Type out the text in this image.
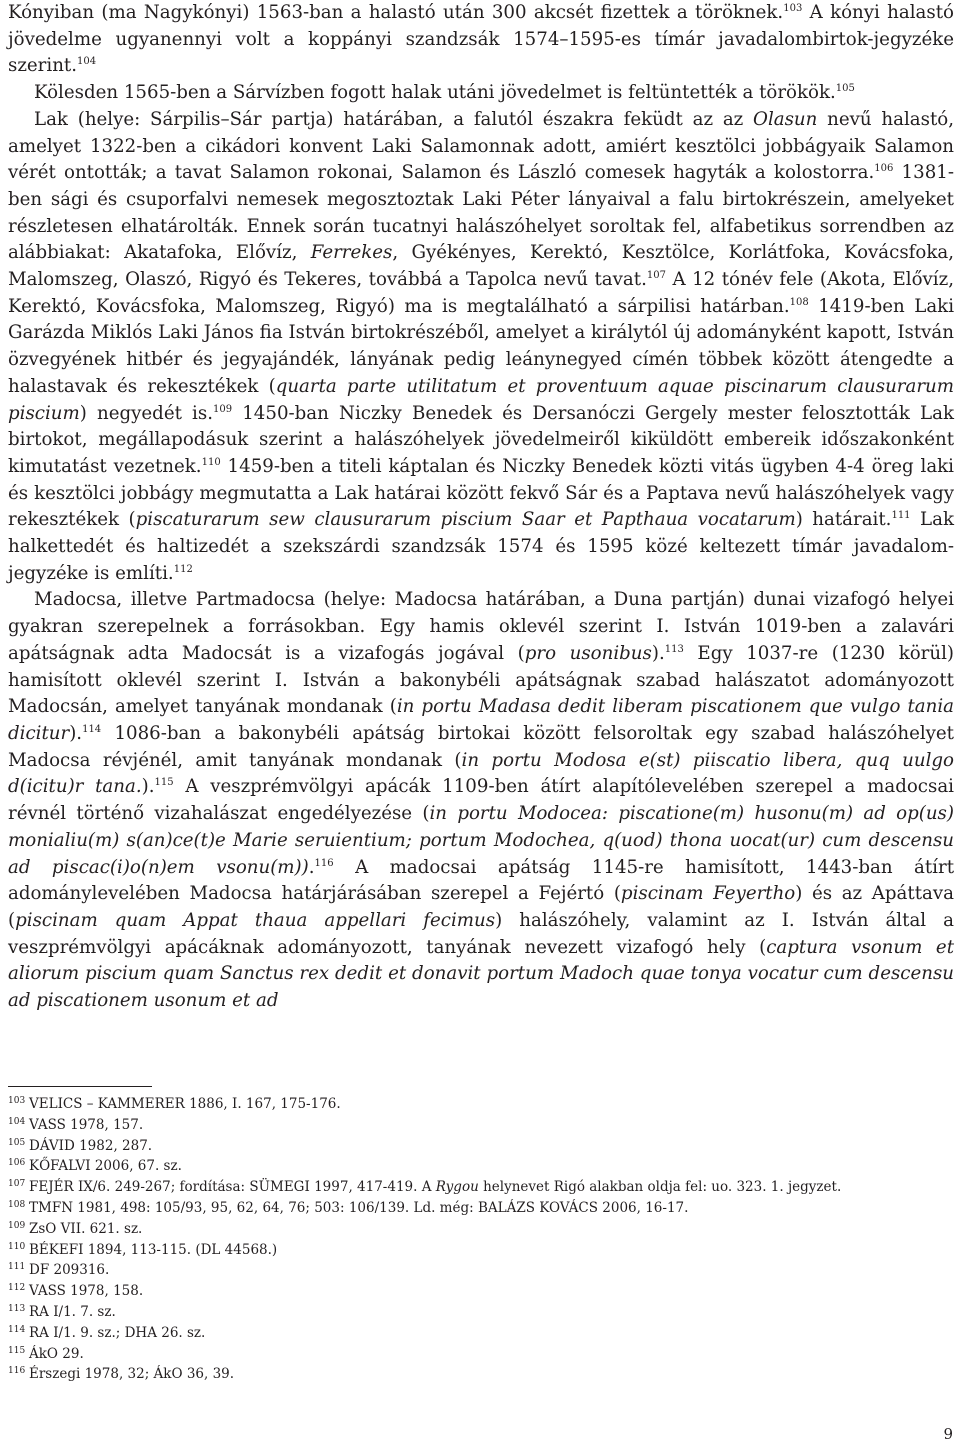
Kónyiban (ma Nagykónyi) 1563-ban a halastó után 300 akcsét fizettek a töröknek.$^{103}$ A kónyi halastó jövedelme ugyanennyi volt a koppányi szandzsák 1574–1595-es tímár javadalombirtok-jegyzéke szerint.$^{104}$

Kölesden 1565-ben a Sárvízben fogott halak utáni jövedelmet is feltüntették a törökök.$^{105}$

Lak (helye: Sárpilis–Sár partja) határában, a falutól északra feküdt az az Olasun nevű halastó, amelyet 1322-ben a cikádori konvent Laki Salamonnak adott, amiért kesztölci jobbágyaik Salamon vérét ontották; a tavat Salamon rokonai, Salamon és László comesek hagyták a kolostorra.$^{106}$ 1381-ben sági és csuporfalvi nemesek megosztoztak Laki Péter lányaival a falu birtokrészein, amelyeket részletesen elhatárolták. Ennek során tucatnyi halászóhelyet soroltak fel, alfabetikus sorrendben az alábbiakat: Akatafoka, Elővíz, Ferrekes, Gyékényes, Kerektó, Kesztölce, Korlátfoka, Kovácsfoka, Malomszeg, Olaszó, Rigyó és Tekeres, továbbá a Tapolca nevű tavat.$^{107}$ A 12 tónév fele (Akota, Elővíz, Kerektó, Kovácsfoka, Malomszeg, Rigyó) ma is megtalálható a sárpilisi határban.$^{108}$ 1419-ben Laki Garázda Miklós Laki János fia István birtokrészéből, amelyet a királytól új adományként kapott, István özvegyének hitbér és jegyajándék, lányának pedig leánynegyed címén többek között átengedte a halastavak és rekesztékek (quarta parte utilitatum et proventuum aquae piscinarum clausurarum piscium) negyedét is.$^{109}$ 1450-ban Niczky Benedek és Dersanóczi Gergely mester felosztották Lak birtokot, megállapodásuk szerint a halászóhelyek jövedelmeiről kiküldött embereik időszakonként kimutatást vezetnek.$^{110}$ 1459-ben a titeli káptalan és Niczky Benedek közti vitás ügyben 4-4 öreg laki és kesztölci jobbágy megmutatta a Lak határai között fekvő Sár és a Paptava nevű halászóhelyek vagy rekesztékek (piscaturarum sew clausurarum piscium Saar et Papthaua vocatarum) határait.$^{111}$ Lak halkettedét és haltizedét a szekszárdi szandzsák 1574 és 1595 közé keltezett tímár javadalom-jegyzéke is említi.$^{112}$

Madocsa, illetve Partmadocsa (helye: Madocsa határában, a Duna partján) dunai vizafogó helyei gyakran szerepelnek a forrásokban. Egy hamis oklevél szerint I. István 1019-ben a zalavári apátságnak adta Madocsát is a vizafogás jogával (pro usonibus).$^{113}$ Egy 1037-re (1230 körül) hamisított oklevél szerint I. István a bakonybéli apátságnak szabad halászatot adományozott Madocsán, amelyet tanyának mondanak (in portu Madasa dedit liberam piscationem que vulgo tania dicitur).$^{114}$ 1086-ban a bakonybéli apátság birtokai között felsoroltak egy szabad halászóhelyet Madocsa révjénél, amit tanyának mondanak (in portu Modosa e(st) piiscatio libera, quq uulgo d(icitu)r tana.).$^{115}$ A veszprémvölgyi apácák 1109-ben átírt alapítólevelében szerepel a madocsai révnél történő vizahalászat engedélyezése (in portu Modocea: piscatione(m) husonu(m) ad op(us) monialiu(m) s(an)ce(t)e Marie seruientium; portum Modochea, q(uod) thona uocat(ur) cum descensu ad piscac(i)o(n)em vsonu(m)).$^{116}$ A madocsai apátság 1145-re hamisított, 1443-ban átírt adománylevelében Madocsa határjárásában szerepel a Fejértó (piscinam Feyertho) és az Apáttava (piscinam quam Appat thaua appellari fecimus) halászóhely, valamint az I. István által a veszprémvölgyi apácáknak adományozott, tanyának nevezett vizafogó hely (captura vsonum et aliorum piscium quam Sanctus rex dedit et donavit portum Madoch quae tonya vocatur cum descensu ad piscationem usonum et ad

103 VELICS – KAMMERER 1886, I. 167, 175-176.
104 VASS 1978, 157.
105 DÁVID 1982, 287.
106 KŐFALVI 2006, 67. sz.
107 FEJÉR IX/6. 249-267; fordítása: SÜMEGI 1997, 417-419. A Rygou helynevet Rigó alakban oldja fel: uo. 323. 1. jegyzet.
108 TMFN 1981, 498: 105/93, 95, 62, 64, 76; 503: 106/139. Ld. még: BALÁZS KOVÁCS 2006, 16-17.
109 ZsO VII. 621. sz.
110 BÉKEFI 1894, 113-115. (DL 44568.)
111 DF 209316.
112 VASS 1978, 158.
113 RA I/1. 7. sz.
114 RA I/1. 9. sz.; DHA 26. sz.
115 ÁkO 29.
116 Érszegi 1978, 32; ÁkO 36, 39.
9
